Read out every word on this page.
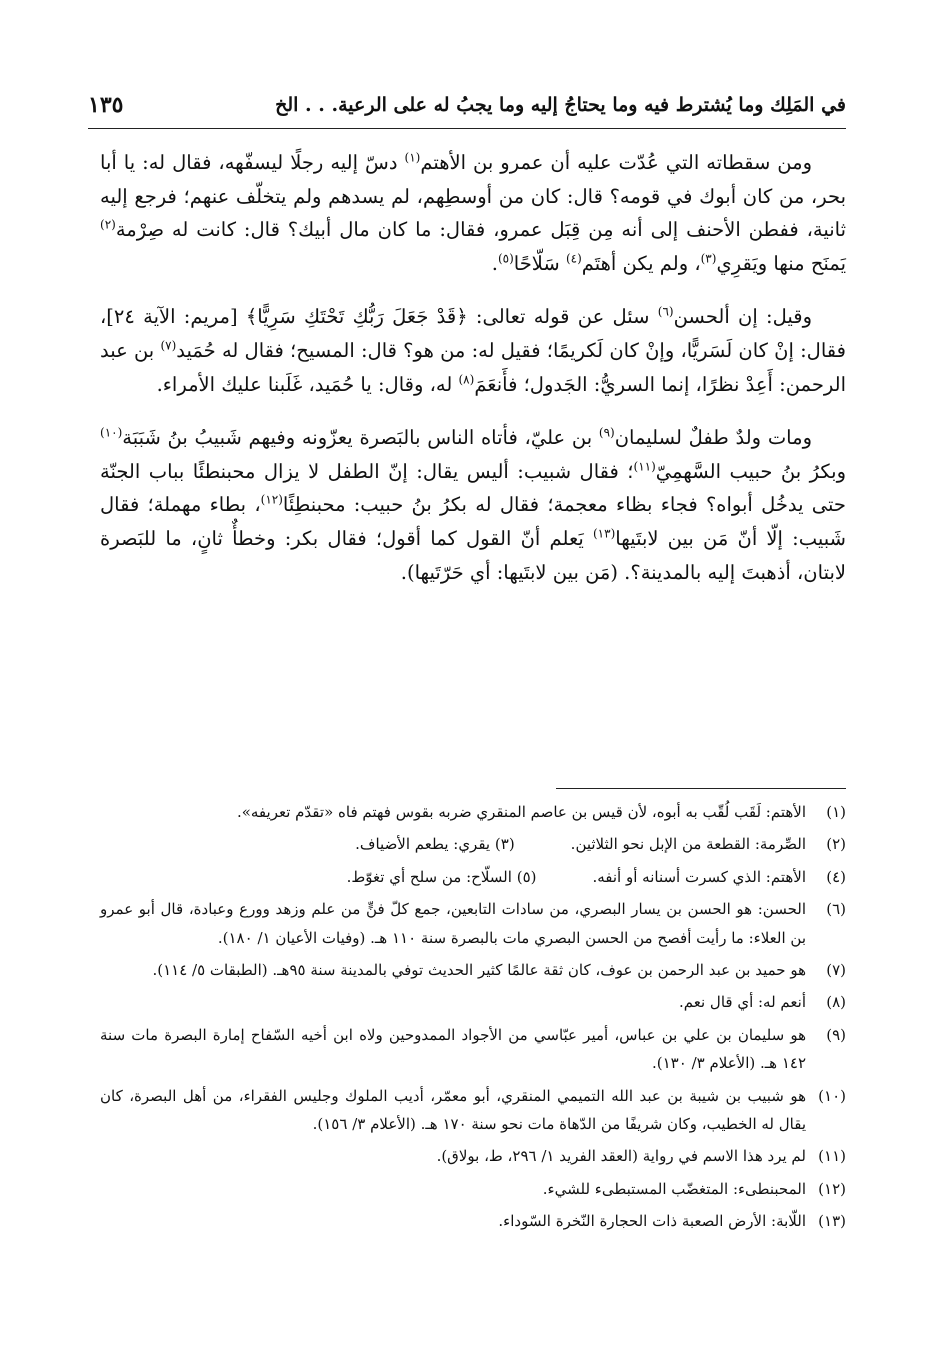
في المَلِك وما يُشترط فيه وما يحتاجُ إليه وما يجبُ له على الرعية. . . الخ
١٣٥

ومن سقطاته التي عُدّت عليه أن عمرو بن الأهتم$^{(١)}$ دسّ إليه رجلًا ليسفّهه، فقال له: يا أبا بحر، من كان أبوك في قومه؟ قال: كان من أوسطِهم، لم يسدهم ولم يتخلّف عنهم؛ فرجع إليه ثانية، ففطن الأحنف إلى أنه مِن قِبَل عمرو، فقال: ما كان مال أبيك؟ قال: كانت له صِرْمة$^{(٢)}$ يَمنَح منها ويَقرِي$^{(٣)}$، ولم يكن أهتَم$^{(٤)}$ سَلّاحًا$^{(٥)}$.

وقيل: إن ألحسن$^{(٦)}$ سئل عن قوله تعالى: ﴿قَدْ جَعَلَ رَبُّكِ تَحْتَكِ سَرِيًّا﴾ [مريم: الآية ٢٤]، فقال: إنْ كان لَسَريًّا، وإنْ كان لَكريمًا؛ فقيل له: من هو؟ قال: المسيح؛ فقال له حُمَيد$^{(٧)}$ بن عبد الرحمن: أَعِدْ نظرًا، إنما السريُّ: الجَدول؛ فأَنعَمَ$^{(٨)}$ له، وقال: يا حُمَيد، غَلَبنا عليك الأمراء.

ومات ولدٌ طفلٌ لسليمان$^{(٩)}$ بن عليّ، فأتاه الناس بالبَصرة يعزّونه وفيهم شَبيبُ بنُ شَبَبَة$^{(١٠)}$ وبكرُ بنُ حبيب السَّهمِيّ$^{(١١)}$؛ فقال شبيب: أليس يقال: إنّ الطفل لا يزال محبنطئًا بباب الجنّة حتى يدخُل أبواه؟ فجاء بظاء معجمة؛ فقال له بكرُ بنُ حبيب: محبنطِئًا$^{(١٢)}$، بطاء مهملة؛ فقال شَبيب: إلّا أنّ مَن بين لابتَيها$^{(١٣)}$ يَعلم أنّ القول كما أقول؛ فقال بكر: وخطأٌ ثانٍ، ما للبَصرة لابتان، أذهبتَ إليه بالمدينة؟. (مَن بين لابتَيها: أي حَرّتَيها).

(١)
الأهتم: لَقَب لُقّب به أبوه، لأن قيس بن عاصم المنقري ضربه بقوس فهتم فاه «تقدّم تعريفه».
(٢)
الصِّرمة: القطعة من الإبل نحو الثلاثين.(٣) يقري: يطعم الأضياف.
(٤)
الأهتم: الذي كسرت أسنانه أو أنفه.(٥) السلّاح: من سلح أي تغوّط.
(٦)
الحسن: هو الحسن بن يسار البصري، من سادات التابعين، جمع كلّ فنٍّ من علم وزهد وورع وعبادة، قال أبو عمرو بن العلاء: ما رأيت أفصح من الحسن البصري مات بالبصرة سنة ١١٠ هـ. (وفيات الأعيان ١/ ١٨٠).
(٧)
هو حميد بن عبد الرحمن بن عوف، كان ثقة عالمًا كثير الحديث توفي بالمدينة سنة ٩٥هـ. (الطبقات ٥/ ١١٤).
(٨)
أنعم له: أي قال نعم.
(٩)
هو سليمان بن علي بن عباس، أمير عبّاسي من الأجواد الممدوحين ولاه ابن أخيه السّفاح إمارة البصرة مات سنة ١٤٢ هـ. (الأعلام ٣/ ١٣٠).
(١٠)
هو شبيب بن شيبة بن عبد الله التميمي المنقري، أبو معمّر، أديب الملوك وجليس الفقراء، من أهل البصرة، كان يقال له الخطيب، وكان شريفًا من الدّهاة مات نحو سنة ١٧٠ هـ. (الأعلام ٣/ ١٥٦).
(١١)
لم يرد هذا الاسم في رواية (العقد الفريد ١/ ٢٩٦، ط، بولاق).
(١٢)
المحبنطىء: المتغضّب المستبطىء للشيء.
(١٣)
اللّابة: الأرض الصعبة ذات الحجارة النّخرة السّوداء.
